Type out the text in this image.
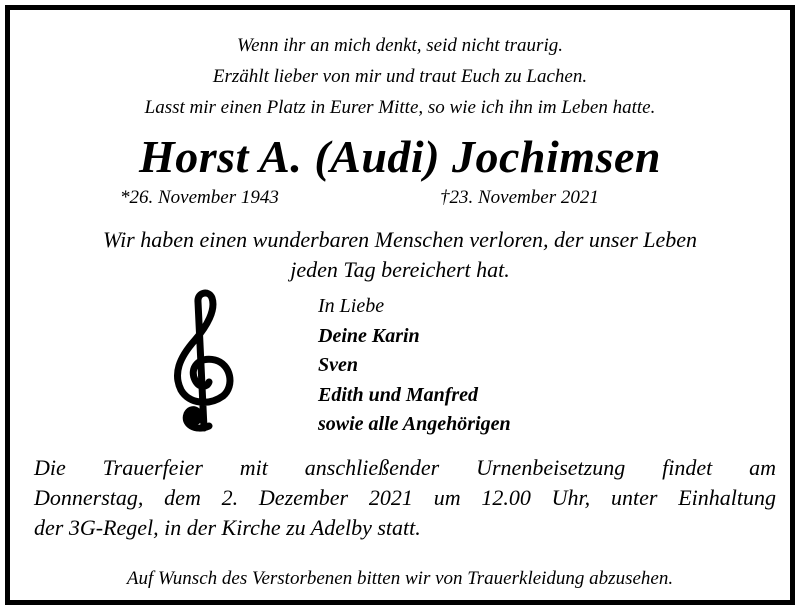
Wenn ihr an mich denkt, seid nicht traurig.
Erzählt lieber von mir und traut Euch zu Lachen.
Lasst mir einen Platz in Eurer Mitte, so wie ich ihn im Leben hatte.
Horst A. (Audi) Jochimsen
*26. November 1943	†23. November 2021
Wir haben einen wunderbaren Menschen verloren, der unser Leben
jeden Tag bereichert hat.
In Liebe
Deine Karin
Sven
Edith und Manfred
sowie alle Angehörigen
Die Trauerfeier mit anschließender Urnenbeisetzung findet am
Donnerstag, dem 2. Dezember 2021 um 12.00 Uhr, unter Einhaltung
der 3G-Regel, in der Kirche zu Adelby statt.
Auf Wunsch des Verstorbenen bitten wir von Trauerkleidung abzusehen.
